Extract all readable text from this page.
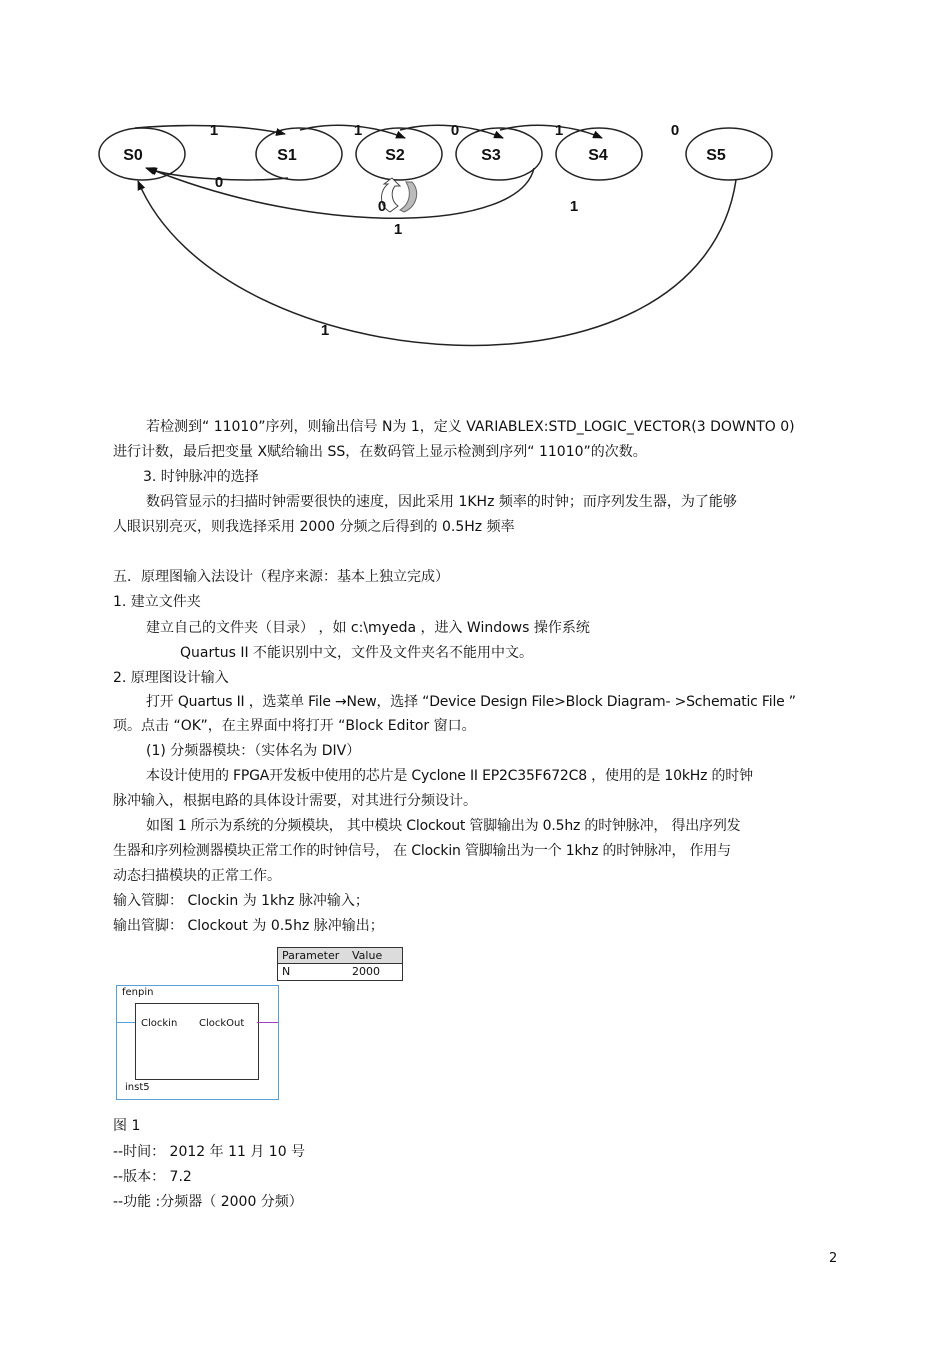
S0	S1	S2	S3	S4	S5
1	1	0	1	0
0
0
1
1
1
若检测到“ 11010”序列，则输出信号 N为 1，定义 VARIABLEX:STD_LOGIC_VECTOR(3 DOWNTO 0)
进行计数，最后把变量 X赋给输出 SS，在数码管上显示检测到序列“ 11010”的次数。
3. 时钟脉冲的选择
数码管显示的扫描时钟需要很快的速度，因此采用 1KHz 频率的时钟；而序列发生器，为了能够
人眼识别亮灭，则我选择采用 2000 分频之后得到的 0.5Hz 频率
五．原理图输入法设计（程序来源：基本上独立完成）
1. 建立文件夹
建立自己的文件夹（目录） ，如 c:\myeda ，进入 Windows 操作系统
Quartus II 不能识别中文，文件及文件夹名不能用中文。
2. 原理图设计输入
打开 Quartus II ，选菜单 File →New，选择 “Device Design File>Block Diagram- >Schematic File ”
项。点击 “OK”，在主界面中将打开 “Block Editor 窗口。
(1) 分频器模块：（实体名为 DIV）
本设计使用的 FPGA开发板中使用的芯片是 Cyclone II EP2C35F672C8 ，使用的是 10kHz 的时钟
脉冲输入，根据电路的具体设计需要，对其进行分频设计。
如图 1 所示为系统的分频模块， 其中模块 Clockout 管脚输出为 0.5hz 的时钟脉冲， 得出序列发
生器和序列检测器模块正常工作的时钟信号， 在 Clockin 管脚输出为一个 1khz 的时钟脉冲， 作用与
动态扫描模块的正常工作。
输入管脚： Clockin 为 1khz 脉冲输入；
输出管脚： Clockout 为 0.5hz 脉冲输出；
Parameter	Value
N	2000
fenpin
Clockin ClockOut
inst5
图 1
--时间： 2012 年 11 月 10 号
--版本： 7.2
--功能 :分频器（ 2000 分频）
2
